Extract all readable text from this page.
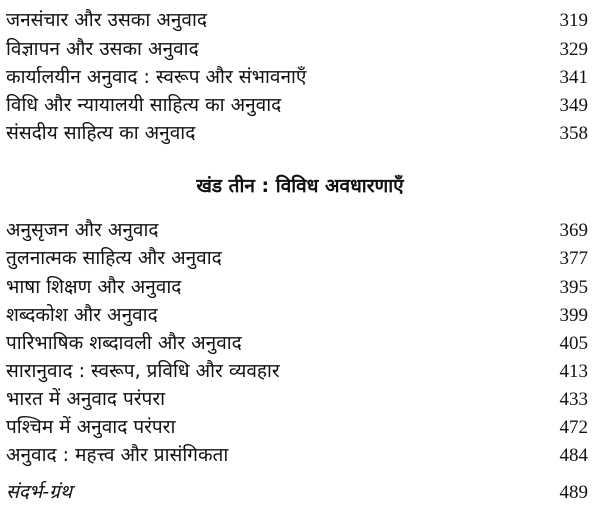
जनसंचार और उसका अनुवाद	319
विज्ञापन और उसका अनुवाद	329
कार्यालयीन अनुवाद : स्वरूप और संभावनाएँ	341
विधि और न्यायालयी साहित्य का अनुवाद	349
संसदीय साहित्य का अनुवाद	358
खंड तीन : विविध अवधारणाएँ
अनुसृजन और अनुवाद	369
तुलनात्मक साहित्य और अनुवाद	377
भाषा शिक्षण और अनुवाद	395
शब्दकोश और अनुवाद	399
पारिभाषिक शब्दावली और अनुवाद	405
सारानुवाद : स्वरूप, प्रविधि और व्यवहार	413
भारत में अनुवाद परंपरा	433
पश्चिम में अनुवाद परंपरा	472
अनुवाद : महत्त्व और प्रासंगिकता	484
संदर्भ-ग्रंथ	489
